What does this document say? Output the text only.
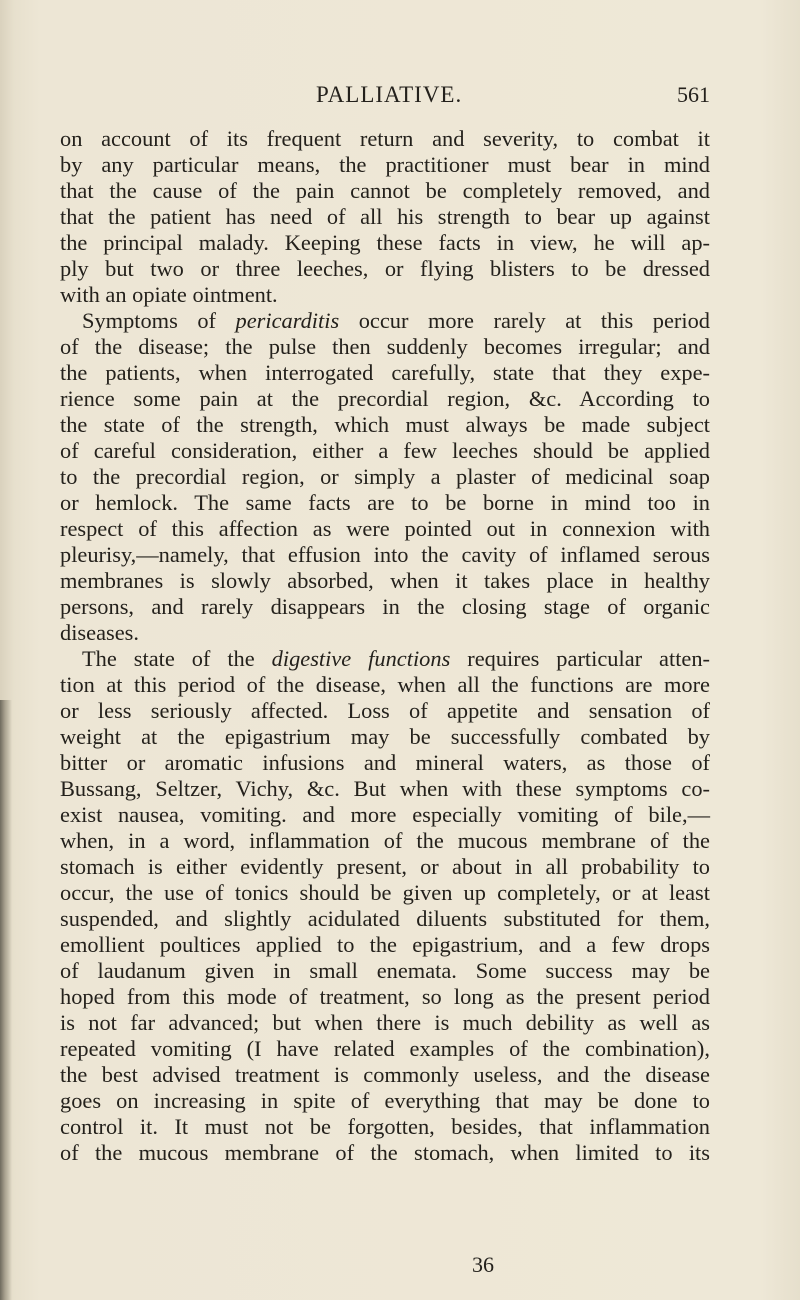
PALLIATIVE.	561
on account of its frequent return and severity, to combat it
by any particular means, the practitioner must bear in mind
that the cause of the pain cannot be completely removed, and
that the patient has need of all his strength to bear up against
the principal malady. Keeping these facts in view, he will ap-
ply but two or three leeches, or flying blisters to be dressed
with an opiate ointment.
Symptoms of pericarditis occur more rarely at this period
of the disease; the pulse then suddenly becomes irregular; and
the patients, when interrogated carefully, state that they expe-
rience some pain at the precordial region, &c. According to
the state of the strength, which must always be made subject
of careful consideration, either a few leeches should be applied
to the precordial region, or simply a plaster of medicinal soap
or hemlock. The same facts are to be borne in mind too in
respect of this affection as were pointed out in connexion with
pleurisy,—namely, that effusion into the cavity of inflamed serous
membranes is slowly absorbed, when it takes place in healthy
persons, and rarely disappears in the closing stage of organic
diseases.
The state of the digestive functions requires particular atten-
tion at this period of the disease, when all the functions are more
or less seriously affected. Loss of appetite and sensation of
weight at the epigastrium may be successfully combated by
bitter or aromatic infusions and mineral waters, as those of
Bussang, Seltzer, Vichy, &c. But when with these symptoms co-
exist nausea, vomiting. and more especially vomiting of bile,—
when, in a word, inflammation of the mucous membrane of the
stomach is either evidently present, or about in all probability to
occur, the use of tonics should be given up completely, or at least
suspended, and slightly acidulated diluents substituted for them,
emollient poultices applied to the epigastrium, and a few drops
of laudanum given in small enemata. Some success may be
hoped from this mode of treatment, so long as the present period
is not far advanced; but when there is much debility as well as
repeated vomiting (I have related examples of the combination),
the best advised treatment is commonly useless, and the disease
goes on increasing in spite of everything that may be done to
control it. It must not be forgotten, besides, that inflammation
of the mucous membrane of the stomach, when limited to its
36
